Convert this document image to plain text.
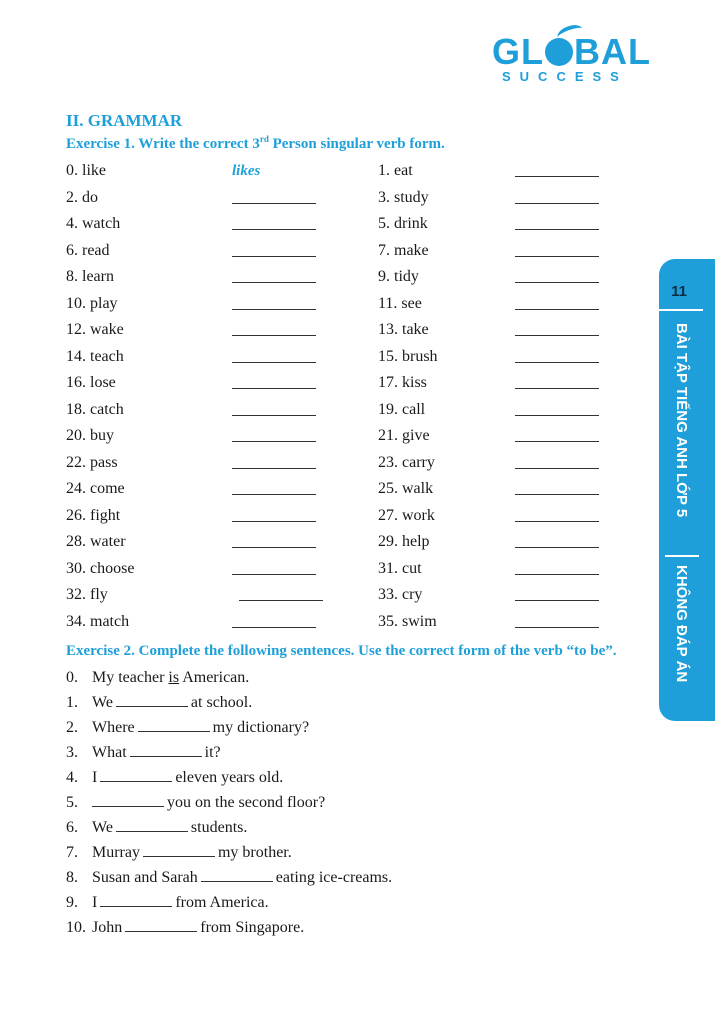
GL BAL
SUCCESS
11
BÀI TẬP TIẾNG ANH LỚP 5
KHÔNG ĐÁP ÁN
II. GRAMMAR
Exercise 1. Write the correct 3rd Person singular verb form.
0. like	likes	1. eat
2. do	3. study
4. watch	5. drink
6. read	7. make
8. learn	9. tidy
10. play	11. see
12. wake	13. take
14. teach	15. brush
16. lose	17. kiss
18. catch	19. call
20. buy	21. give
22. pass	23. carry
24. come	25. walk
26. fight	27. work
28. water	29. help
30. choose	31. cut
32. fly	33. cry
34. match	35. swim
Exercise 2. Complete the following sentences. Use the correct form of the verb “to be”.
0. My teacher is American.
1. We	at school.
2. Where	my dictionary?
3. What	it?
4. I	eleven years old.
5.	you on the second floor?
6. We	students.
7. Murray	my brother.
8. Susan and Sarah	eating ice-creams.
9. I	from America.
10. John	from Singapore.
